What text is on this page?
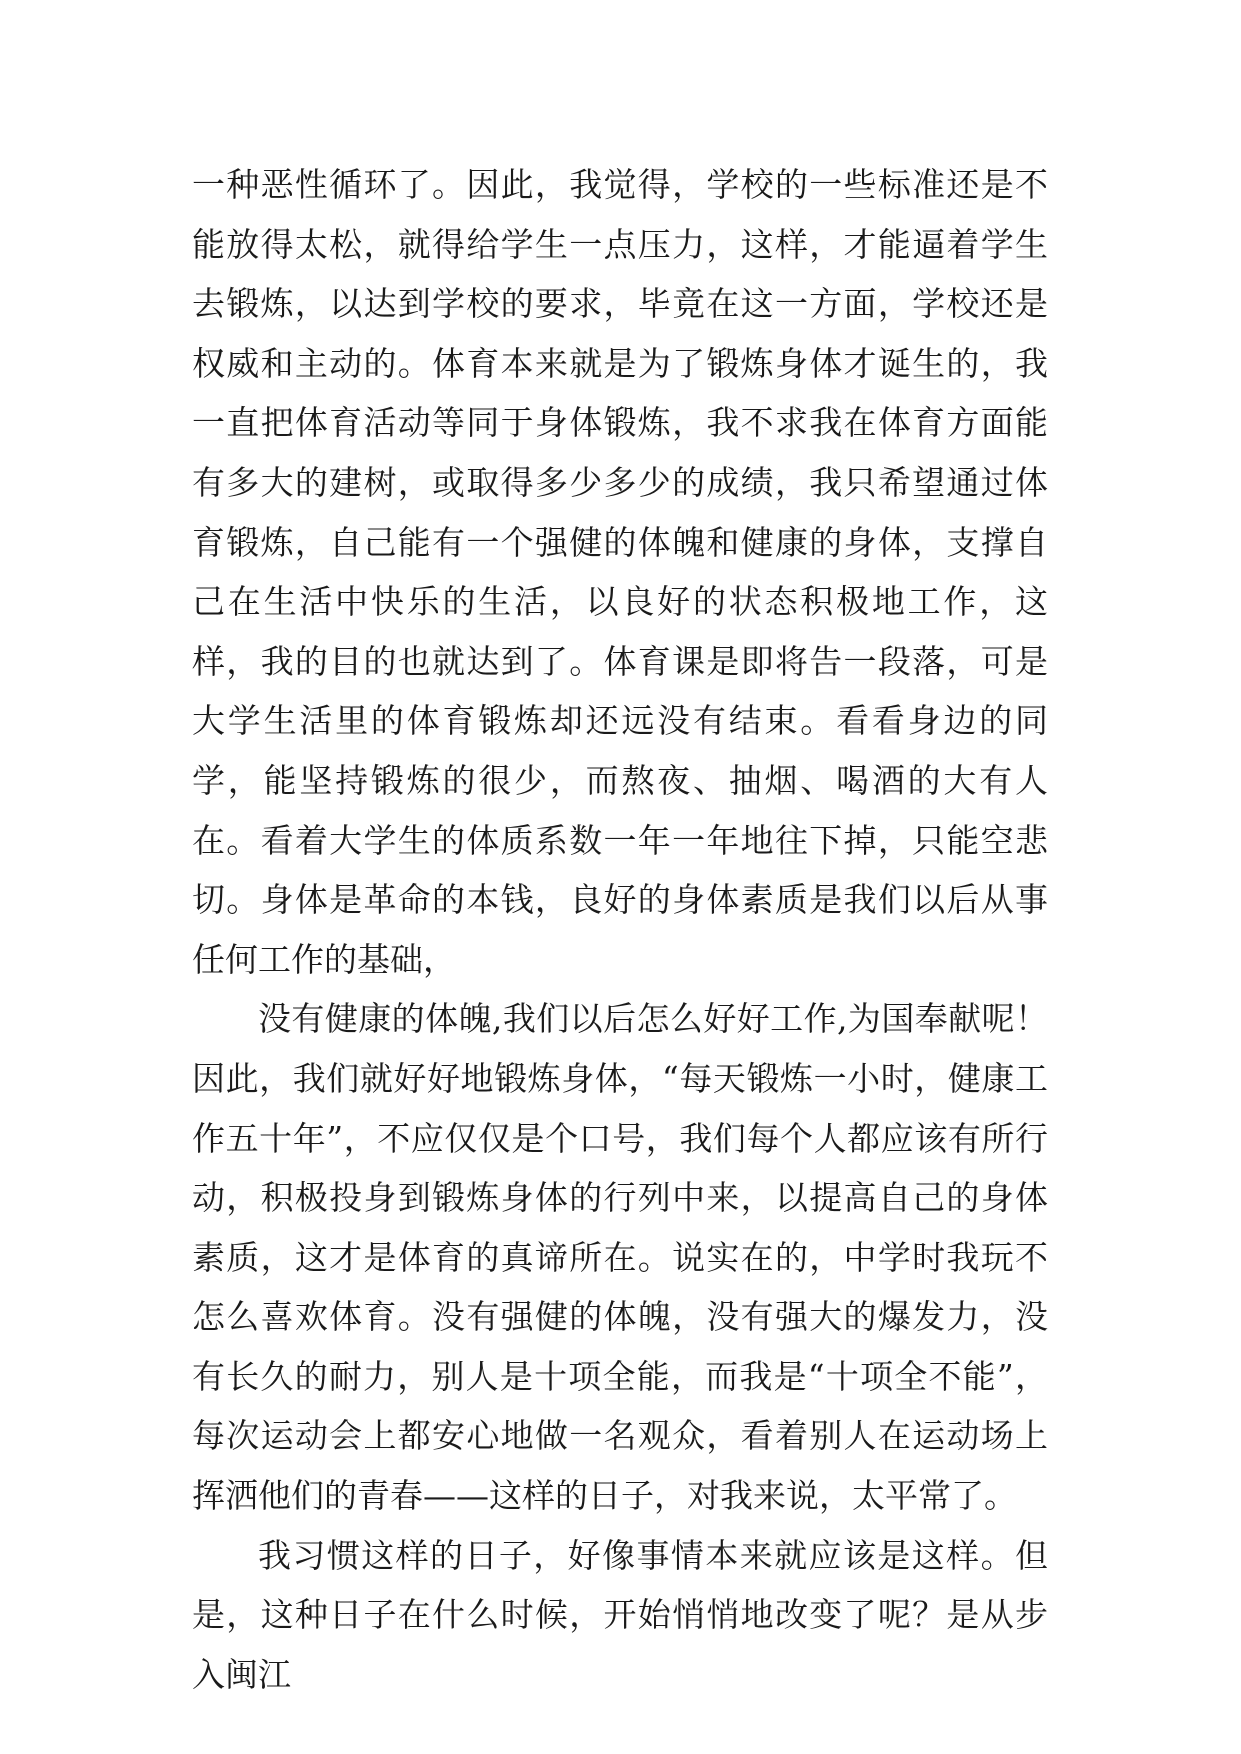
一种恶性循环了。因此，我觉得，学校的一些标准还是不能放得太松，就得给学生一点压力，这样，才能逼着学生去锻炼，以达到学校的要求，毕竟在这一方面，学校还是权威和主动的。体育本来就是为了锻炼身体才诞生的，我一直把体育活动等同于身体锻炼，我不求我在体育方面能有多大的建树，或取得多少多少的成绩，我只希望通过体育锻炼，自己能有一个强健的体魄和健康的身体，支撑自己在生活中快乐的生活，以良好的状态积极地工作，这样，我的目的也就达到了。体育课是即将告一段落，可是大学生活里的体育锻炼却还远没有结束。看看身边的同学，能坚持锻炼的很少，而熬夜、抽烟、喝酒的大有人在。看着大学生的体质系数一年一年地往下掉，只能空悲切。身体是革命的本钱，良好的身体素质是我们以后从事任何工作的基础，

没有健康的体魄,我们以后怎么好好工作,为国奉献呢！因此，我们就好好地锻炼身体，“每天锻炼一小时，健康工作五十年”，不应仅仅是个口号，我们每个人都应该有所行动，积极投身到锻炼身体的行列中来，以提高自己的身体素质，这才是体育的真谛所在。说实在的，中学时我玩不怎么喜欢体育。没有强健的体魄，没有强大的爆发力，没有长久的耐力，别人是十项全能，而我是“十项全不能”，每次运动会上都安心地做一名观众，看着别人在运动场上挥洒他们的青春——这样的日子，对我来说，太平常了。

我习惯这样的日子，好像事情本来就应该是这样。但是，这种日子在什么时候，开始悄悄地改变了呢？是从步入闽江
